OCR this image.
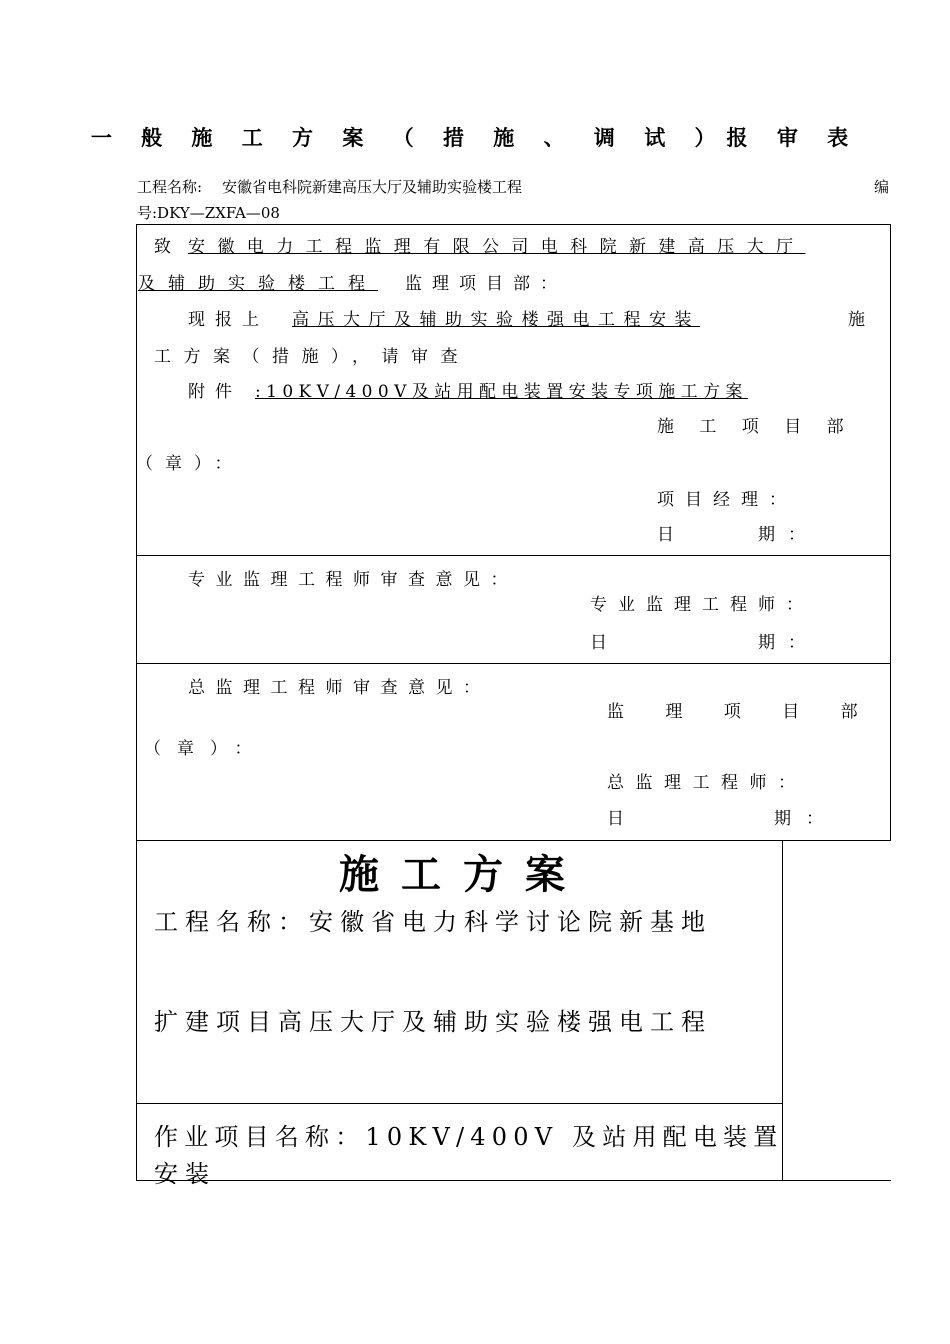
一 般 施 工 方 案 （ 措 施 、 调 试 ）报 审 表
工程名称: 安徽省电科院新建高压大厅及辅助实验楼工程	编
号:DKY—ZXFA—08
致 安徽电力工程监理有限公司电科院新建高压大厅
及辅助实验楼工程 监理项目部：
现报上 高压大厅及辅助实验楼强电工程安装	施
工方案（措施），请审查
附件 :10KV/400V及站用配电装置安装专项施工方案
施 工 项 目 部
（章）：
项目经理：
日	期：
专业监理工程师审查意见：
专业监理工程师：
日	期：
总监理工程师审查意见：
监 理 项 目 部
（章）：
总监理工程师：
日	期：
施工方案
工程名称：安徽省电力科学讨论院新基地
扩建项目高压大厅及辅助实验楼强电工程
作业项目名称：10KV/400V 及站用配电装置
安装
